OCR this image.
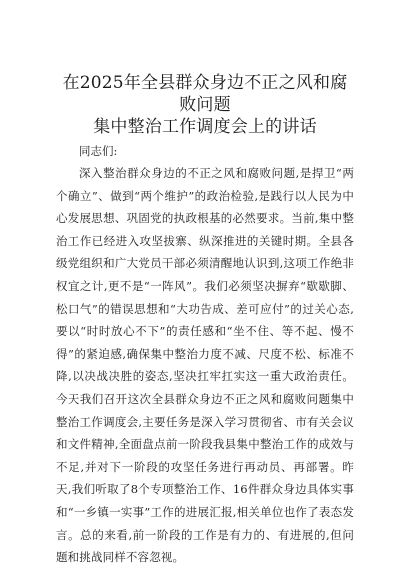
在2025年全县群众身边不正之风和腐败问题
集中整治工作调度会上的讲话

同志们:

深入整治群众身边的不正之风和腐败问题,是捍卫“两个确立”、做到“两个维护”的政治检验,是践行以人民为中心发展思想、巩固党的执政根基的必然要求。当前,集中整治工作已经进入攻坚拔寨、纵深推进的关键时期。全县各级党组织和广大党员干部必须清醒地认识到,这项工作绝非权宜之计,更不是“一阵风”。我们必须坚决摒弃“歇歇脚、松口气”的错误思想和“大功告成、差可应付”的过关心态,要以“时时放心不下”的责任感和“坐不住、等不起、慢不得”的紧迫感,确保集中整治力度不减、尺度不松、标准不降,以决战决胜的姿态,坚决扛牢扛实这一重大政治责任。今天我们召开这次全县群众身边不正之风和腐败问题集中整治工作调度会,主要任务是深入学习贯彻省、市有关会议和文件精神,全面盘点前一阶段我县集中整治工作的成效与不足,并对下一阶段的攻坚任务进行再动员、再部署。昨天,我们听取了8个专项整治工作、16件群众身边具体实事和“一乡镇一实事”工作的进展汇报,相关单位也作了表态发言。总的来看,前一阶段的工作是有力的、有进展的,但问题和挑战同样不容忽视。
